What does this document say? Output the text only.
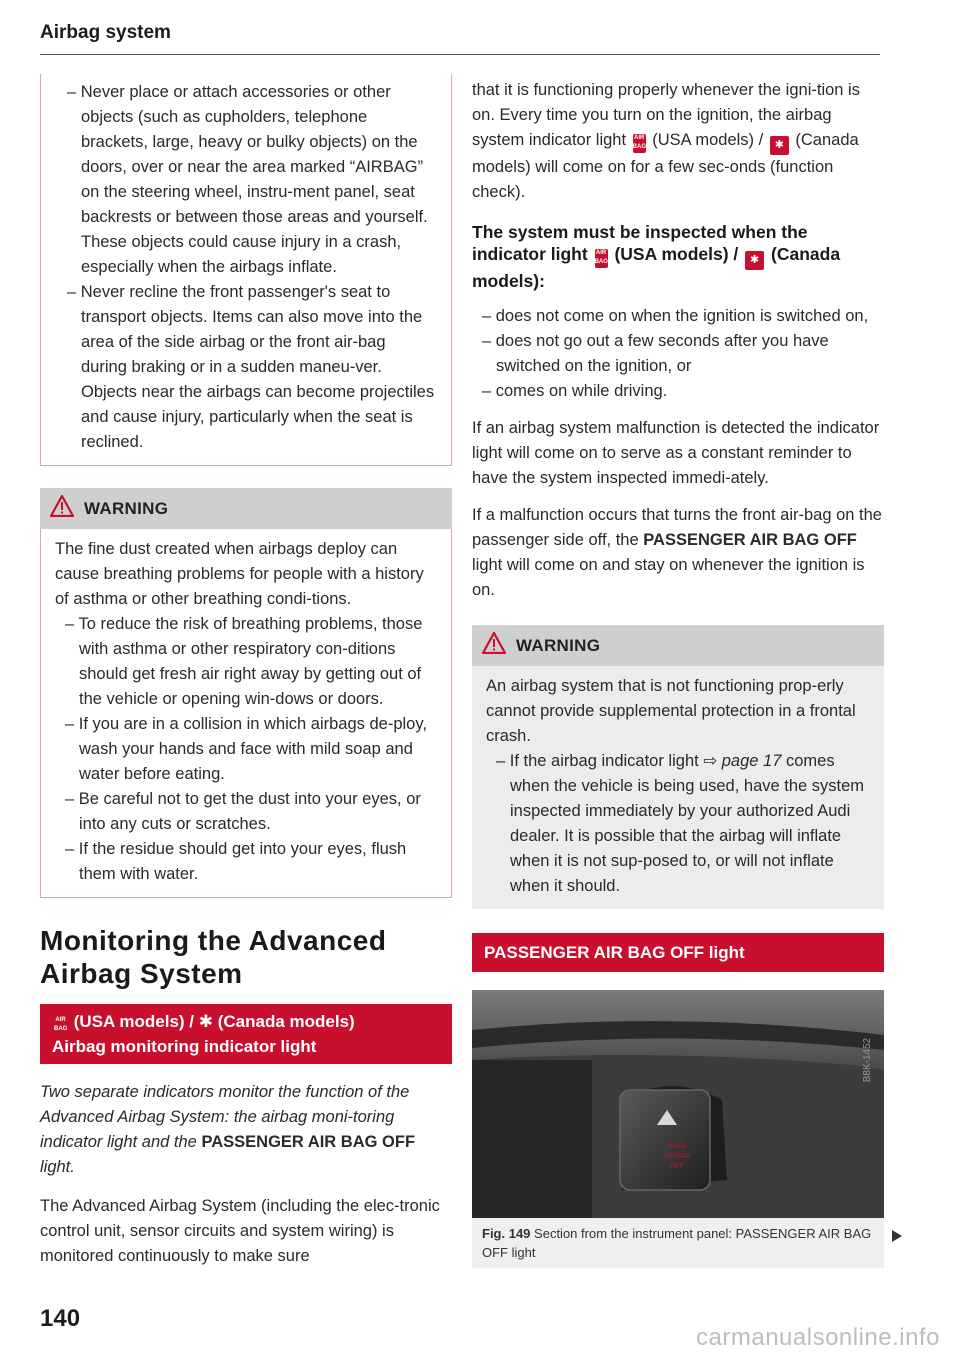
Airbag system

– Never place or attach accessories or other objects (such as cupholders, telephone brackets, large, heavy or bulky objects) on the doors, over or near the area marked “AIRBAG” on the steering wheel, instru-ment panel, seat backrests or between those areas and yourself. These objects could cause injury in a crash, especially when the airbags inflate.

– Never recline the front passenger's seat to transport objects. Items can also move into the area of the side airbag or the front air-bag during braking or in a sudden maneu-ver. Objects near the airbags can become projectiles and cause injury, particularly when the seat is reclined.

WARNING

The fine dust created when airbags deploy can cause breathing problems for people with a history of asthma or other breathing condi-tions.

– To reduce the risk of breathing problems, those with asthma or other respiratory con-ditions should get fresh air right away by getting out of the vehicle or opening win-dows or doors.

– If you are in a collision in which airbags de-ploy, wash your hands and face with mild soap and water before eating.

– Be careful not to get the dust into your eyes, or into any cuts or scratches.

– If the residue should get into your eyes, flush them with water.

Monitoring the Advanced Airbag System
AIR BAG (USA models) / ✱ (Canada models)
Airbag monitoring indicator light

Two separate indicators monitor the function of the Advanced Airbag System: the airbag moni-toring indicator light and the PASSENGER AIR BAG OFF light.

The Advanced Airbag System (including the elec-tronic control unit, sensor circuits and system wiring) is monitored continuously to make sure

that it is functioning properly whenever the igni-tion is on. Every time you turn on the ignition, the airbag system indicator light AIR BAG (USA models) / ✱ (Canada models) will come on for a few sec-onds (function check).

The system must be inspected when the indicator light AIR BAG (USA models) / ✱ (Canada models):

– does not come on when the ignition is switched on,

– does not go out a few seconds after you have switched on the ignition, or

– comes on while driving.

If an airbag system malfunction is detected the indicator light will come on to serve as a constant reminder to have the system inspected immedi-ately.

If a malfunction occurs that turns the front air-bag on the passenger side off, the PASSENGER AIR BAG OFF light will come on and stay on whenever the ignition is on.

WARNING

An airbag system that is not functioning prop-erly cannot provide supplemental protection in a frontal crash.

– If the airbag indicator light ⇨ page 17 comes when the vehicle is being used, have the system inspected immediately by your authorized Audi dealer. It is possible that the airbag will inflate when it is not sup-posed to, or will not inflate when it should.

PASSENGER AIR BAG OFF light
PASS
AIRBAG
OFF
B8K-1452
Fig. 149 Section from the instrument panel: PASSENGER AIR BAG OFF light
140
carmanualsonline.info
